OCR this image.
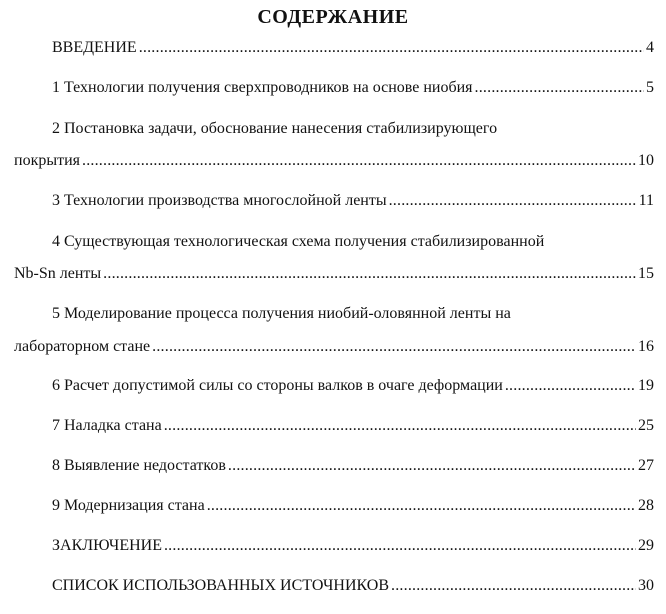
СОДЕРЖАНИЕ
ВВЕДЕНИЕ . . .	4
1 Технологии получения сверхпроводников на основе ниобия . . .	5
2 Постановка задачи, обоснование нанесения стабилизирующего
покрытия . . .	10
3 Технологии производства многослойной ленты . . .	11
4 Существующая технологическая схема получения стабилизированной
Nb-Sn ленты . . .	15
5 Моделирование процесса получения ниобий-оловянной ленты на
лабораторном стане . . .	16
6 Расчет допустимой силы со стороны валков в очаге деформации . . .	19
7 Наладка стана . . .	25
8 Выявление недостатков . . .	27
9 Модернизация стана . . .	28
ЗАКЛЮЧЕНИЕ . . .	29
СПИСОК ИСПОЛЬЗОВАННЫХ ИСТОЧНИКОВ . . .	30
